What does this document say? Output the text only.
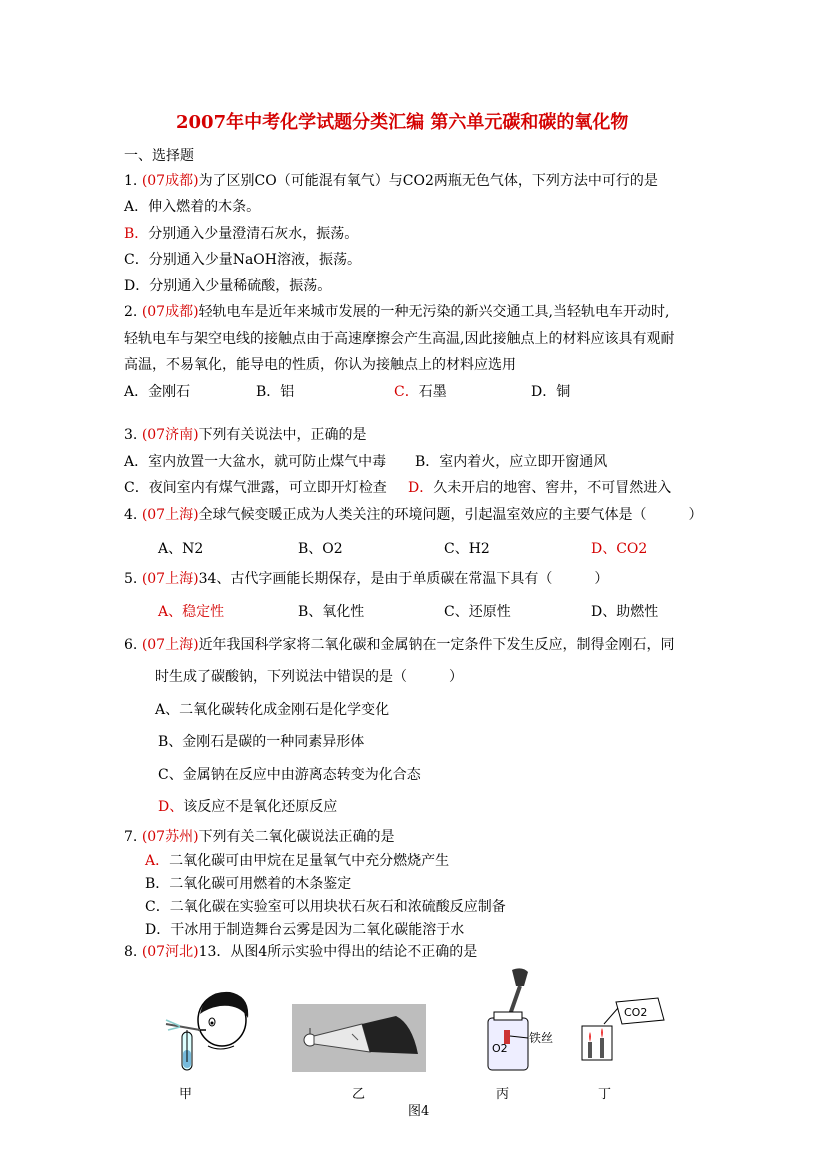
2007年中考化学试题分类汇编 第六单元碳和碳的氧化物
一、选择题
1. (07成都)为了区别CO（可能混有氧气）与CO2两瓶无色气体，下列方法中可行的是
A．伸入燃着的木条。
B．分别通入少量澄清石灰水，振荡。
C．分别通入少量NaOH溶液，振荡。
D．分别通入少量稀硫酸，振荡。
2. (07成都)轻轨电车是近年来城市发展的一种无污染的新兴交通工具,当轻轨电车开动时,
轻轨电车与架空电线的接触点由于高速摩擦会产生高温,因此接触点上的材料应该具有观耐
高温，不易氧化，能导电的性质，你认为接触点上的材料应选用
A．金刚石	B．铝	C．石墨	D．铜
3. (07济南)下列有关说法中，正确的是
A．室内放置一大盆水，就可防止煤气中毒 B．室内着火，应立即开窗通风
C．夜间室内有煤气泄露，可立即开灯检查 D．久未开启的地窖、窖井，不可冒然进入
4. (07上海)全球气候变暖正成为人类关注的环境问题，引起温室效应的主要气体是（　　　）
A、N2	B、O2	C、H2	D、CO2
5. (07上海)34、古代字画能长期保存，是由于单质碳在常温下具有（　　　）
A、稳定性	B、氧化性	C、还原性	D、助燃性
6. (07上海)近年我国科学家将二氧化碳和金属钠在一定条件下发生反应，制得金刚石，同
时生成了碳酸钠，下列说法中错误的是（　　　）
A、二氧化碳转化成金刚石是化学变化
B、金刚石是碳的一种同素异形体
C、金属钠在反应中由游离态转变为化合态
D、该反应不是氧化还原反应
7. (07苏州)下列有关二氧化碳说法正确的是
A．二氧化碳可由甲烷在足量氧气中充分燃烧产生
B．二氧化碳可用燃着的木条鉴定
C．二氧化碳在实验室可以用块状石灰石和浓硫酸反应制备
D．干冰用于制造舞台云雾是因为二氧化碳能溶于水
8. (07河北)13．从图4所示实验中得出的结论不正确的是
铁丝
O2
CO2
甲	乙	丙	丁
图4
